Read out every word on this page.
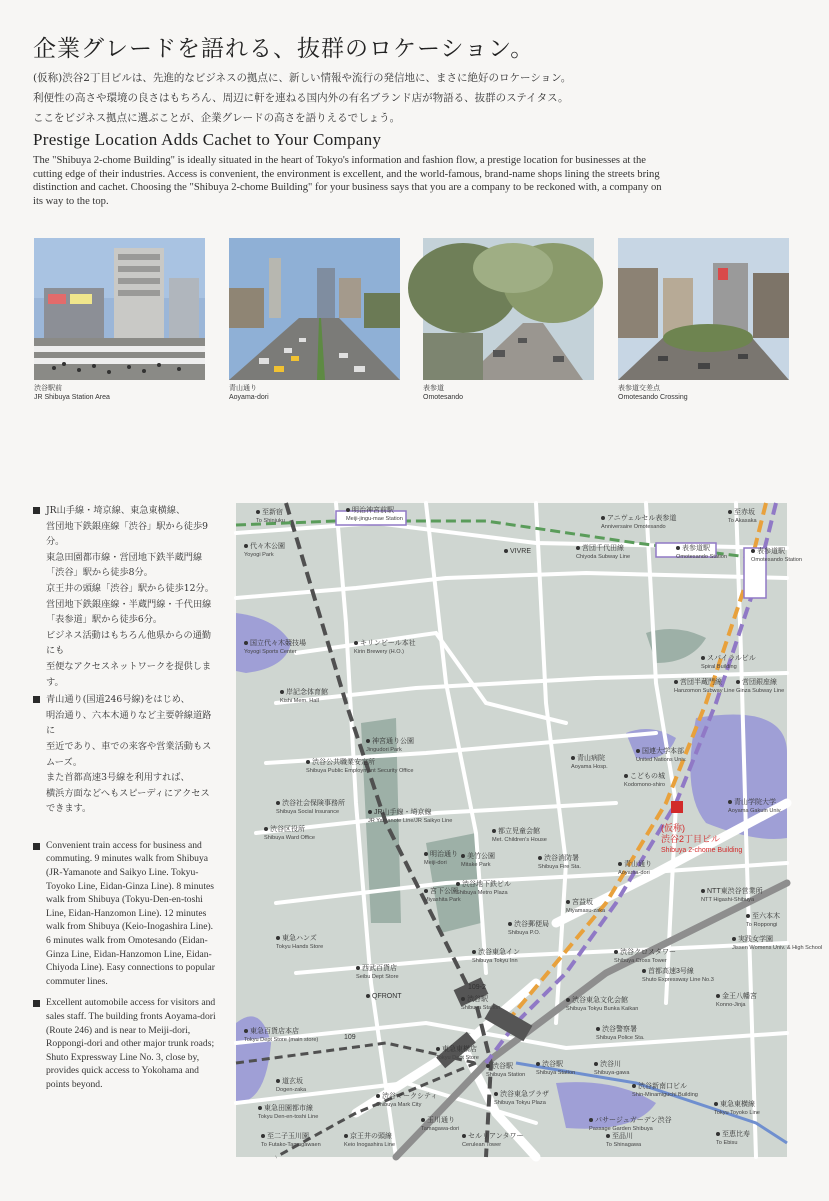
企業グレードを語れる、抜群のロケーション。
(仮称)渋谷2丁目ビルは、先進的なビジネスの拠点に、新しい情報や流行の発信地に、まさに絶好のロケーション。
利便性の高さや環境の良さはもちろん、周辺に軒を連ねる国内外の有名ブランド店が物語る、抜群のステイタス。
ここをビジネス拠点に選ぶことが、企業グレードの高さを語りえるでしょう。
Prestige Location Adds Cachet to Your Company
The "Shibuya 2-chome Building" is ideally situated in the heart of Tokyo's information and fashion flow, a prestige location for businesses at the cutting edge of their industries. Access is convenient, the environment is excellent, and the world-famous, brand-name shops lining the streets bring distinction and cachet. Choosing the "Shibuya 2-chome Building" for your business says that you are a company to be reckoned with, a company on its way to the top.
渋谷駅前
JR Shibuya Station Area
青山通り
Aoyama-dori
表参道
Omotesando
表参道交差点
Omotesando Crossing
JR山手線・埼京線、東急東横線、
営団地下鉄銀座線「渋谷」駅から徒歩9分。
東急田園都市線・営団地下鉄半蔵門線
「渋谷」駅から徒歩8分。
京王井の頭線「渋谷」駅から徒歩12分。
営団地下鉄銀座線・半蔵門線・千代田線
「表参道」駅から徒歩6分。
ビジネス活動はもちろん他県からの通勤にも
至便なアクセスネットワークを提供します。
青山通り(国道246号線)をはじめ、
明治通り、六本木通りなど主要幹線道路に
至近であり、車での来客や営業活動もスムーズ。
また首都高速3号線を利用すれば、
横浜方面などへもスピーディにアクセスできます。
Convenient train access for business and commuting. 9 minutes walk from Shibuya (JR-Yamanote and Saikyo Line. Tokyu-Toyoko Line, Eidan-Ginza Line). 8 minutes walk from Shibuya (Tokyu-Den-en-toshi Line, Eidan-Hanzomon Line). 12 minutes walk from Shibuya (Keio-Inogashira Line). 6 minutes walk from Omotesando (Eidan-Ginza Line, Eidan-Hanzomon Line, Eidan-Chiyoda Line). Easy connections to popular commuter lines.
Excellent automobile access for visitors and sales staff. The building fronts Aoyama-dori (Route 246) and is near to Meiji-dori, Roppongi-dori and other major trunk roads; Shuto Expressway Line No. 3, close by, provides quick access to Yokohama and points beyond.
(仮称)
渋谷2丁目ビル
Shibuya 2-chome Building
109-2
109
至新宿
To Shinjuku
明治神宮前駅
Meiji-jingu-mae Station	アニヴェルセル表参道
Anniversaire Omotesando
至赤坂
To Akasaka
代々木公園
Yoyogi Park	VIVRE	営団千代田線
Chiyoda Subway Line
表参道駅
Omotesando Station
表参道駅
Omotesando Station
国立代々木競技場
Yoyogi Sports Center
キリンビール本社
Kirin Brewery (H.O.)
スパイラルビル
Spiral Building
営団半蔵門線
Hanzomon Subway Line
営団銀座線
Ginza Subway Line
岸記念体育館
Kishi Mem. Hall
神宮通り公園
Jingudori Park
渋谷公共職業安定所
Shibuya Public Employment Security Office
青山病院
Aoyama Hosp.
国連大学本部
United Nations Univ.
こどもの城
Kodomono-shiro
青山学院大学
Aoyama Gakuin Univ.
渋谷社会保険事務所
Shibuya Social Insurance	JR山手線・埼京線
JR Yamanote Line/JR Saikyo Line
渋谷区役所
Shibuya Ward Office
都立児童会館
Met. Children's House
美竹公園
Mitake Park
明治通り
Meiji-dori
渋谷消防署
Shibuya Fire Sta.	青山通り
Aoyama-dori
宮下公園
Miyashita Park
渋谷地下鉄ビル
Shibuya Metro Plaza
宮益坂
Miyamasu-zaka
NTT東渋谷営業所
NTT Higashi-Shibuya
渋谷郵便局
Shibuya P.O.
至六本木
To Roppongi
東急ハンズ
Tokyu Hands Store
渋谷東急イン
Shibuya Tokyu Inn
実践女学園
Jissen Womens Univ. & High School
渋谷クロスタワー
Shibuya Cross Tower
西武百貨店
Seibu Dept Store
首都高速3号線
Shuto Expressway Line No.3
QFRONT	渋谷駅
Shibuya Station
渋谷東急文化会館
Shibuya Tokyu Bunka Kaikan
金王八幡宮
Konno-Jinja
東急百貨店本店
Tokyu Dept Store (main store)
東急東横店
Tokyu Dept Store
渋谷警察署
Shibuya Police Sta.
渋谷駅
Shibuya Station
渋谷駅
Shibuya Station
渋谷川
Shibuya-gawa
道玄坂
Dogen-zaka
渋谷マークシティ
Shibuya Mark City
渋谷新南口ビル
Shin-Minamiguchi Building
東急田園都市線
Tokyu Den-en-toshi Line
渋谷東急プラザ
Shibuya Tokyu Plaza	東急東横線
Tokyu Toyoko Line
玉川通り
Tamagawa-dori
パサージュガーデン渋谷
Passage Garden Shibuya
至二子玉川園
To Futako-Tamagawaen
京王井の頭線
Keio Inogashira Line
セルリアンタワー
Cerulean Tower
至恵比寿
To Ebisu
至品川
To Shinagawa
